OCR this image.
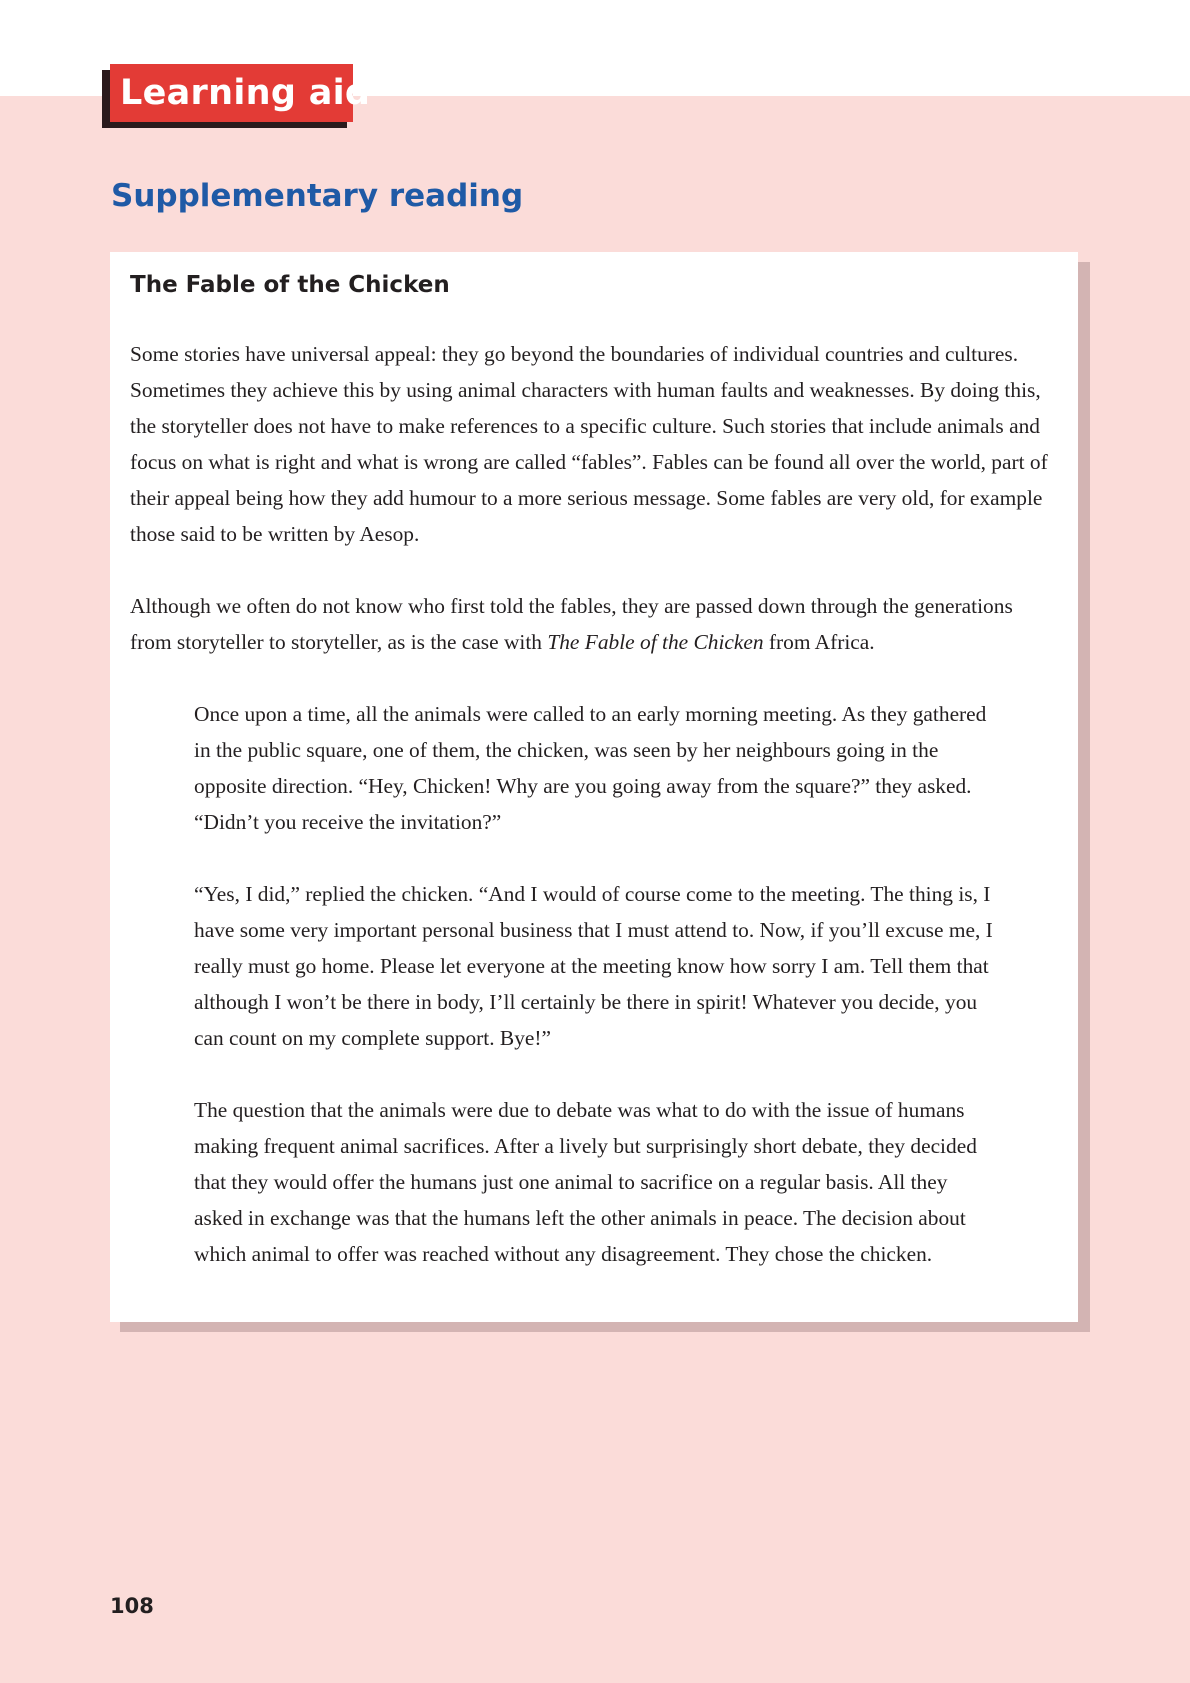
Learning aid
Supplementary reading
The Fable of the Chicken

Some stories have universal appeal: they go beyond the boundaries of individual countries and cultures. Sometimes they achieve this by using animal characters with human faults and weaknesses. By doing this, the storyteller does not have to make references to a specific culture. Such stories that include animals and focus on what is right and what is wrong are called “fables”. Fables can be found all over the world, part of their appeal being how they add humour to a more serious message. Some fables are very old, for example those said to be written by Aesop.

Although we often do not know who first told the fables, they are passed down through the generations from storyteller to storyteller, as is the case with The Fable of the Chicken from Africa.

Once upon a time, all the animals were called to an early morning meeting. As they gathered in the public square, one of them, the chicken, was seen by her neighbours going in the opposite direction. “Hey, Chicken! Why are you going away from the square?” they asked. “Didn’t you receive the invitation?”

“Yes, I did,” replied the chicken. “And I would of course come to the meeting. The thing is, I have some very important personal business that I must attend to. Now, if you’ll excuse me, I really must go home. Please let everyone at the meeting know how sorry I am. Tell them that although I won’t be there in body, I’ll certainly be there in spirit! Whatever you decide, you can count on my complete support. Bye!”

The question that the animals were due to debate was what to do with the issue of humans making frequent animal sacrifices. After a lively but surprisingly short debate, they decided that they would offer the humans just one animal to sacrifice on a regular basis. All they asked in exchange was that the humans left the other animals in peace. The decision about which animal to offer was reached without any disagreement. They chose the chicken.

108
